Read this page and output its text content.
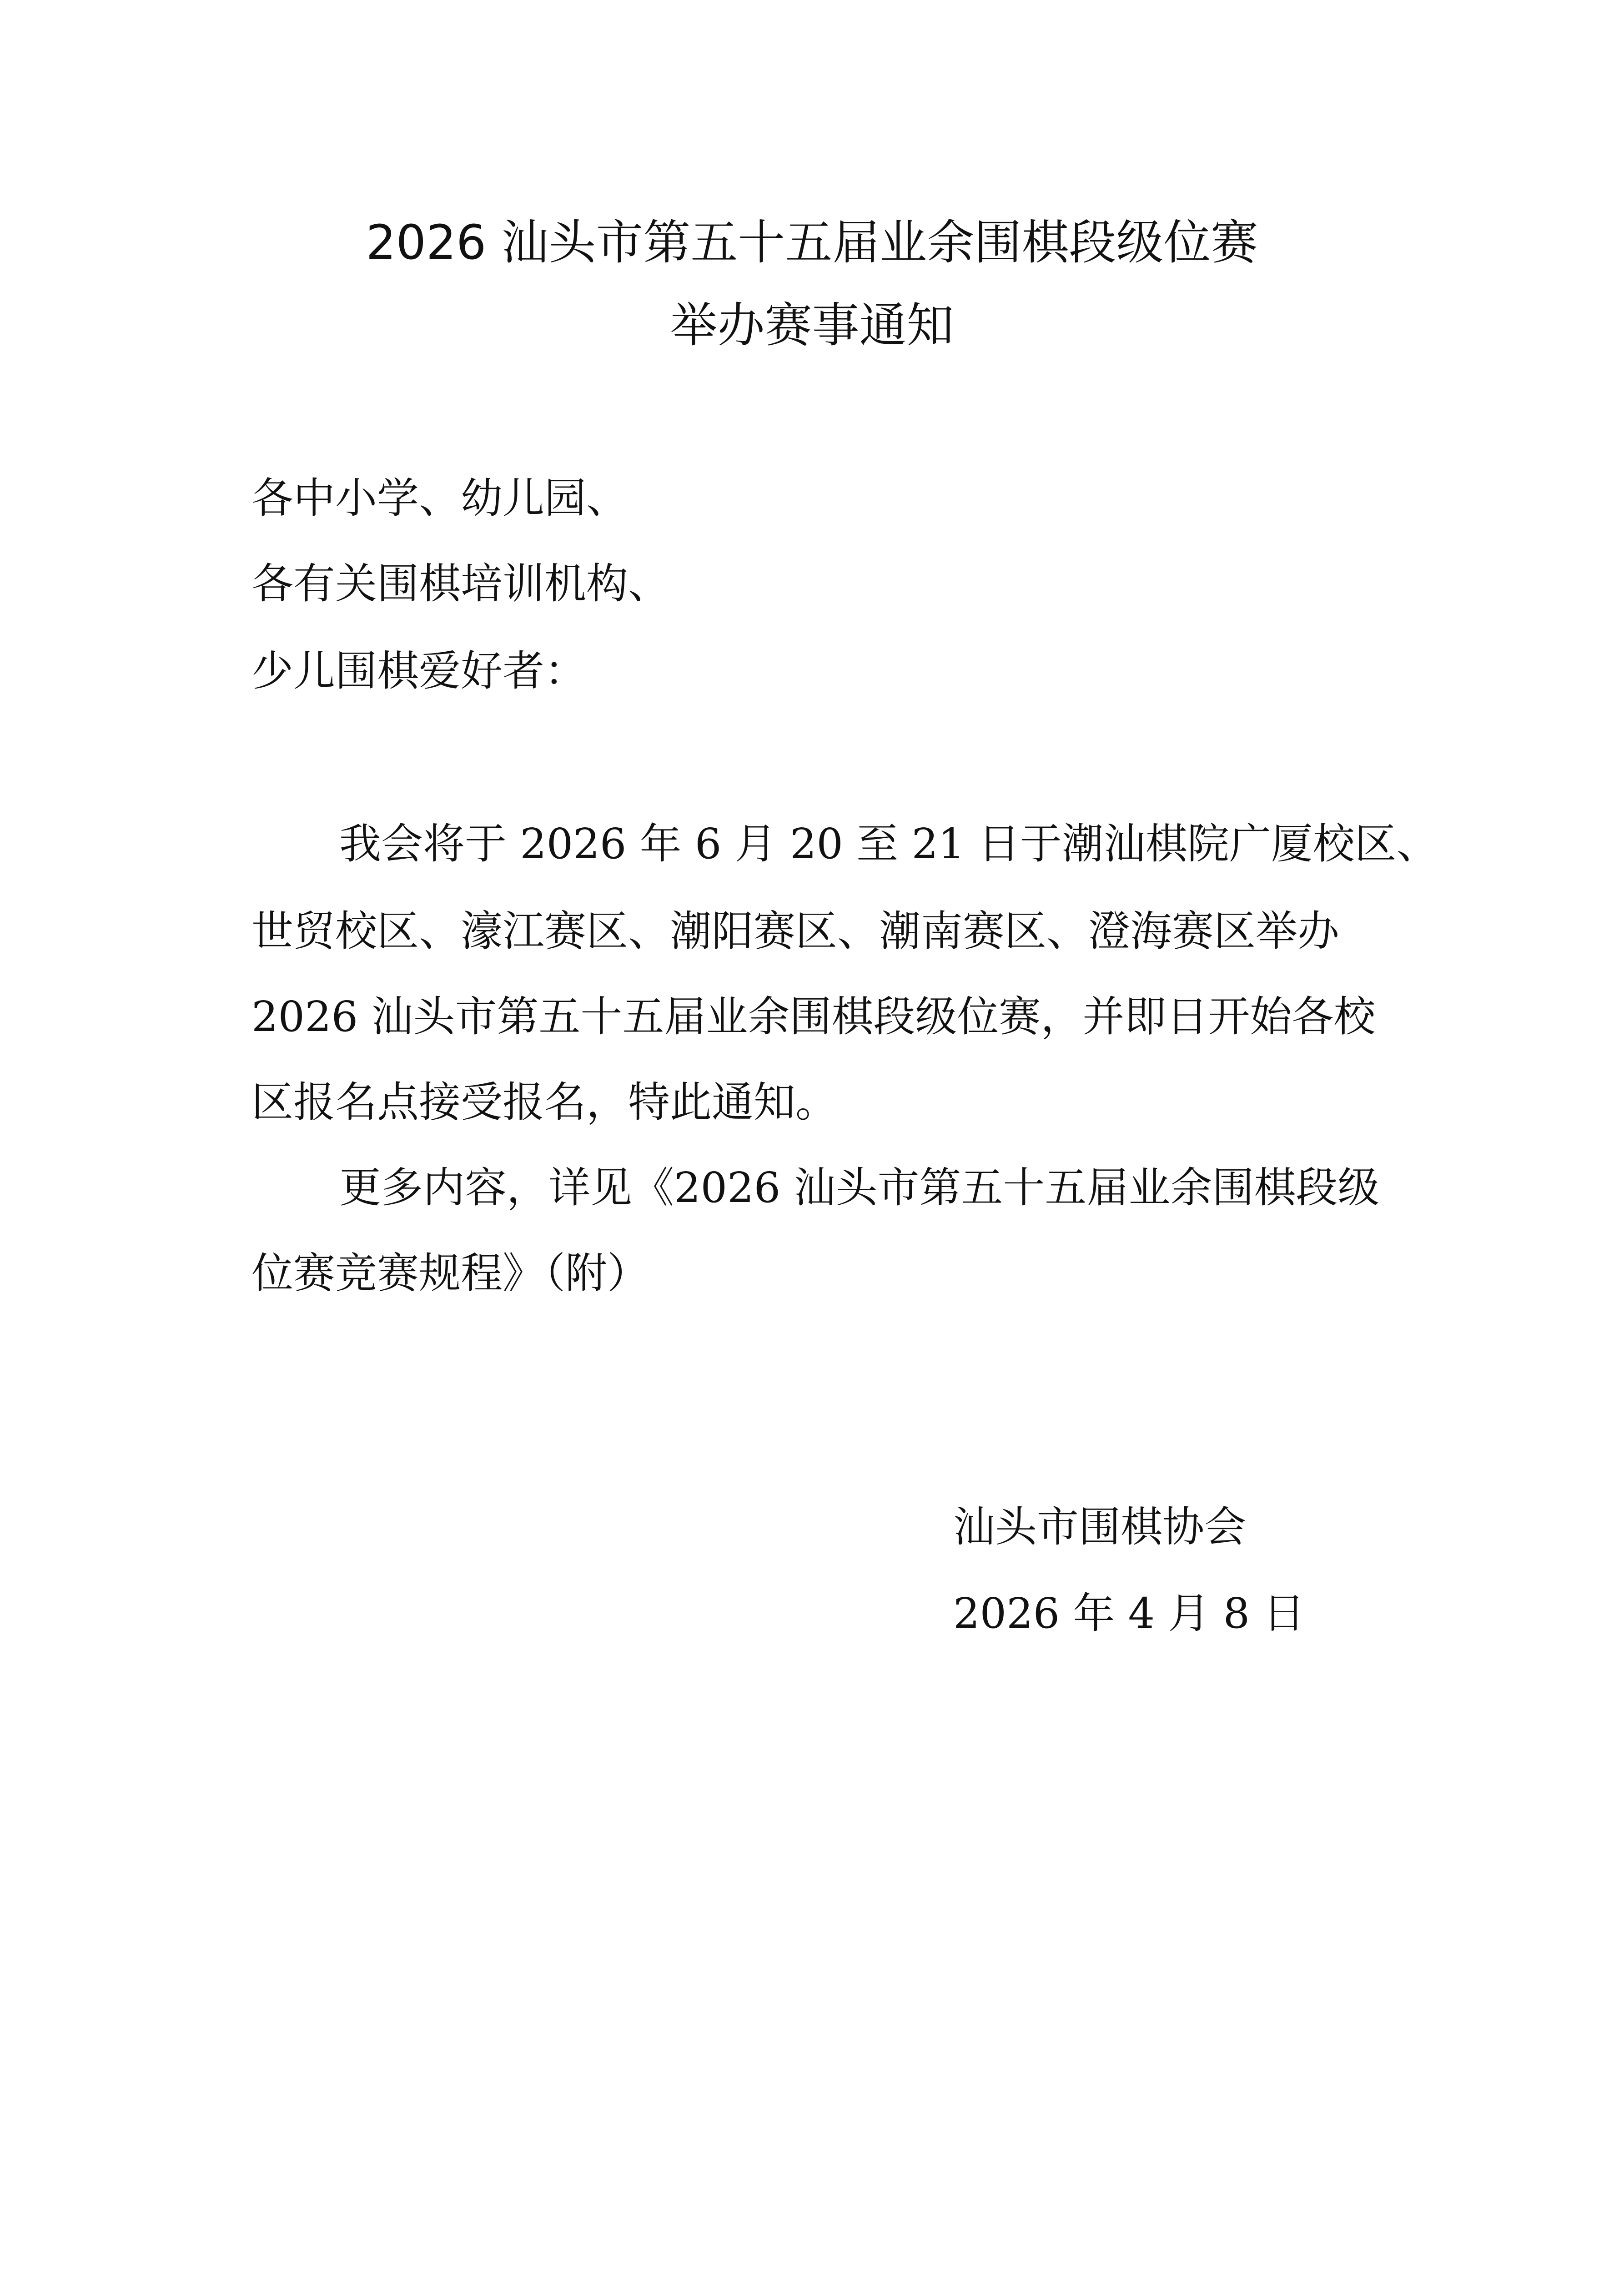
2026 汕头市第五十五届业余围棋段级位赛
举办赛事通知
各中小学、幼儿园、
各有关围棋培训机构、
少儿围棋爱好者：
我会将于 2026 年 6 月 20 至 21 日于潮汕棋院广厦校区、
世贸校区、濠江赛区、潮阳赛区、潮南赛区、澄海赛区举办
2026 汕头市第五十五届业余围棋段级位赛，并即日开始各校
区报名点接受报名，特此通知。
更多内容，详见《2026 汕头市第五十五届业余围棋段级
位赛竞赛规程》（附）
汕头市围棋协会
2026 年 4 月 8 日
